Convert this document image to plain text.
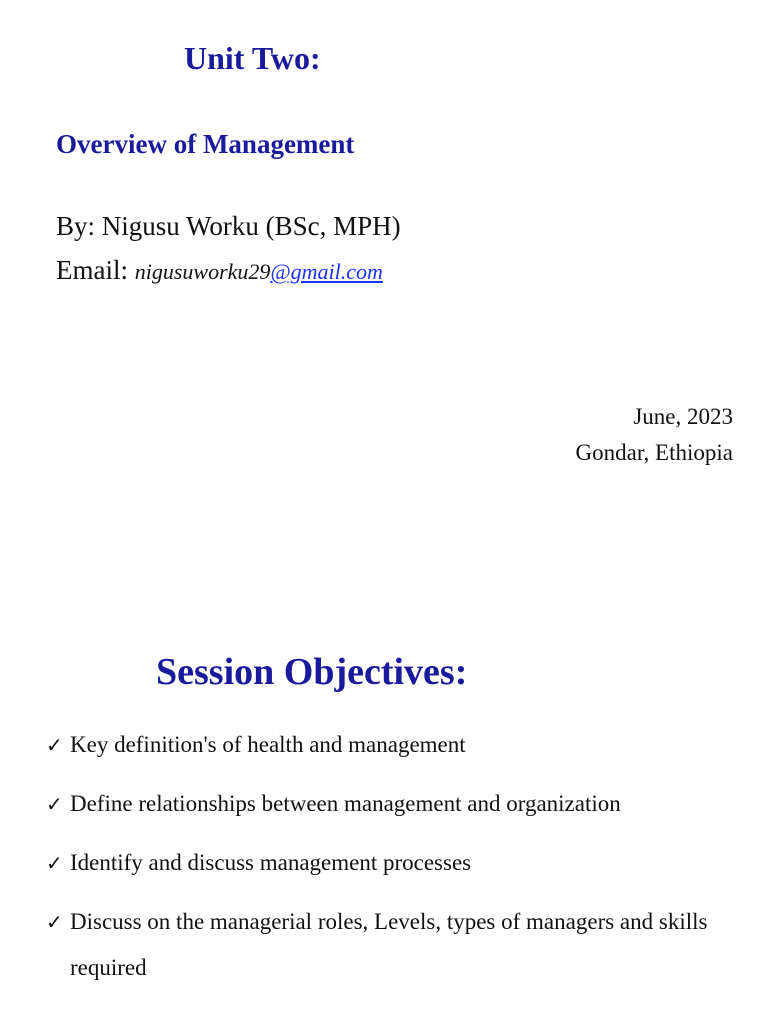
Unit Two:
Overview of Management
By: Nigusu Worku (BSc, MPH)
Email: nigusuworku29@gmail.com
June, 2023
Gondar, Ethiopia
Session Objectives:
✓ Key definition's of health and management
✓ Define relationships between management and organization
✓ Identify and discuss management processes
✓ Discuss on the managerial roles, Levels, types of managers and skills required
